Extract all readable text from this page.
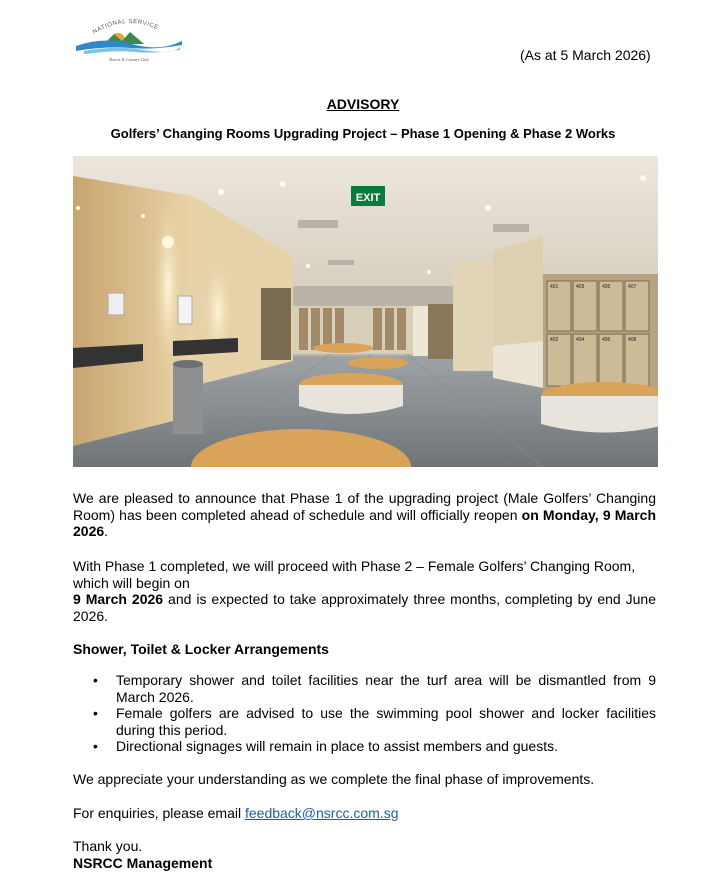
NATIONAL SERVICE
Resort & Country Club	(As at 5 March 2026)
ADVISORY
Golfers’ Changing Rooms Upgrading Project – Phase 1 Opening & Phase 2 Works
401	403	405	407
402	404	406	408
EXIT
We are pleased to announce that Phase 1 of the upgrading project (Male Golfers’ Changing Room) has been completed ahead of schedule and will officially reopen on Monday, 9 March 2026.
With Phase 1 completed, we will proceed with Phase 2 – Female Golfers’ Changing Room, which will begin on
9 March 2026 and is expected to take approximately three months, completing by end June 2026.
Shower, Toilet & Locker Arrangements
• Temporary shower and toilet facilities near the turf area will be dismantled from 9 March 2026.
• Female golfers are advised to use the swimming pool shower and locker facilities during this period.
• Directional signages will remain in place to assist members and guests.
We appreciate your understanding as we complete the final phase of improvements.
For enquiries, please email feedback@nsrcc.com.sg
Thank you.
NSRCC Management
